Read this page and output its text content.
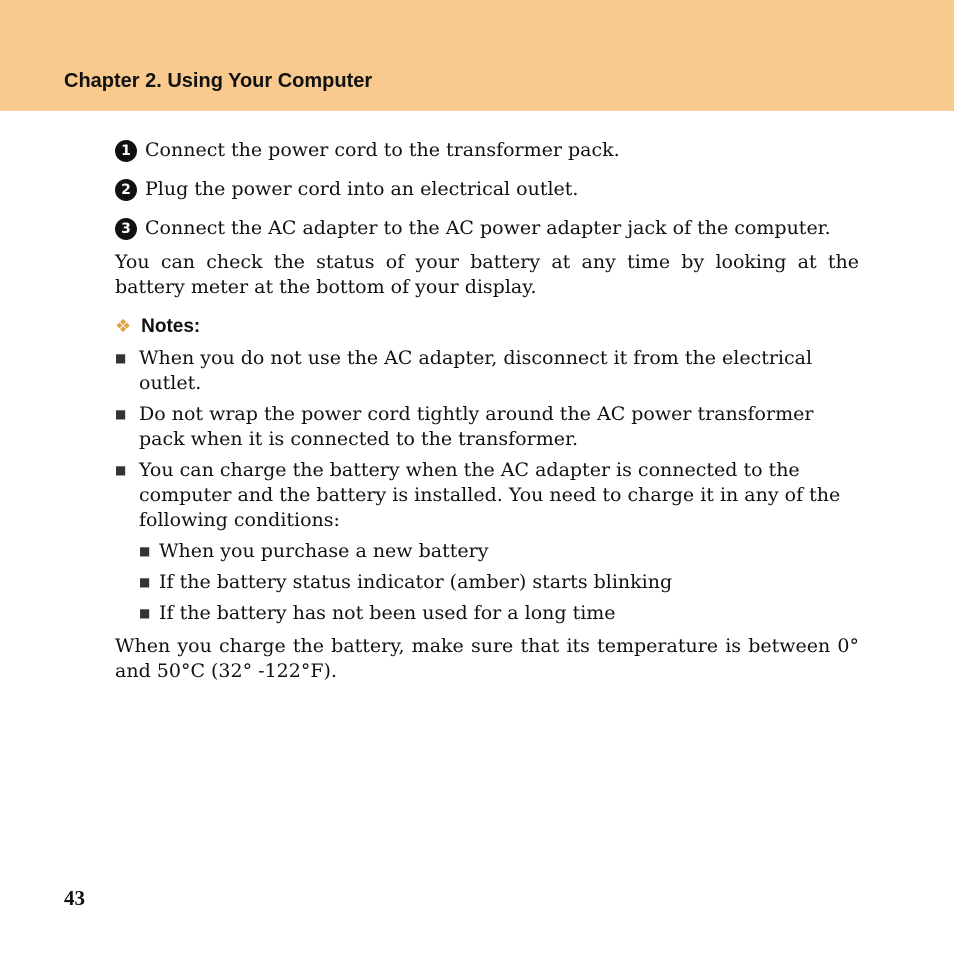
Chapter 2. Using Your Computer
1 Connect the power cord to the transformer pack.
2 Plug the power cord into an electrical outlet.
3 Connect the AC adapter to the AC power adapter jack of the computer.

You can check the status of your battery at any time by looking at the battery meter at the bottom of your display.

❖ Notes:
■ When you do not use the AC adapter, disconnect it from the electrical outlet.
■ Do not wrap the power cord tightly around the AC power transformer pack when it is connected to the transformer.
■ You can charge the battery when the AC adapter is connected to the computer and the battery is installed. You need to charge it in any of the following conditions:
■ When you purchase a new battery
■ If the battery status indicator (amber) starts blinking
■ If the battery has not been used for a long time

When you charge the battery, make sure that its temperature is between 0° and 50°C (32° -122°F).

43
